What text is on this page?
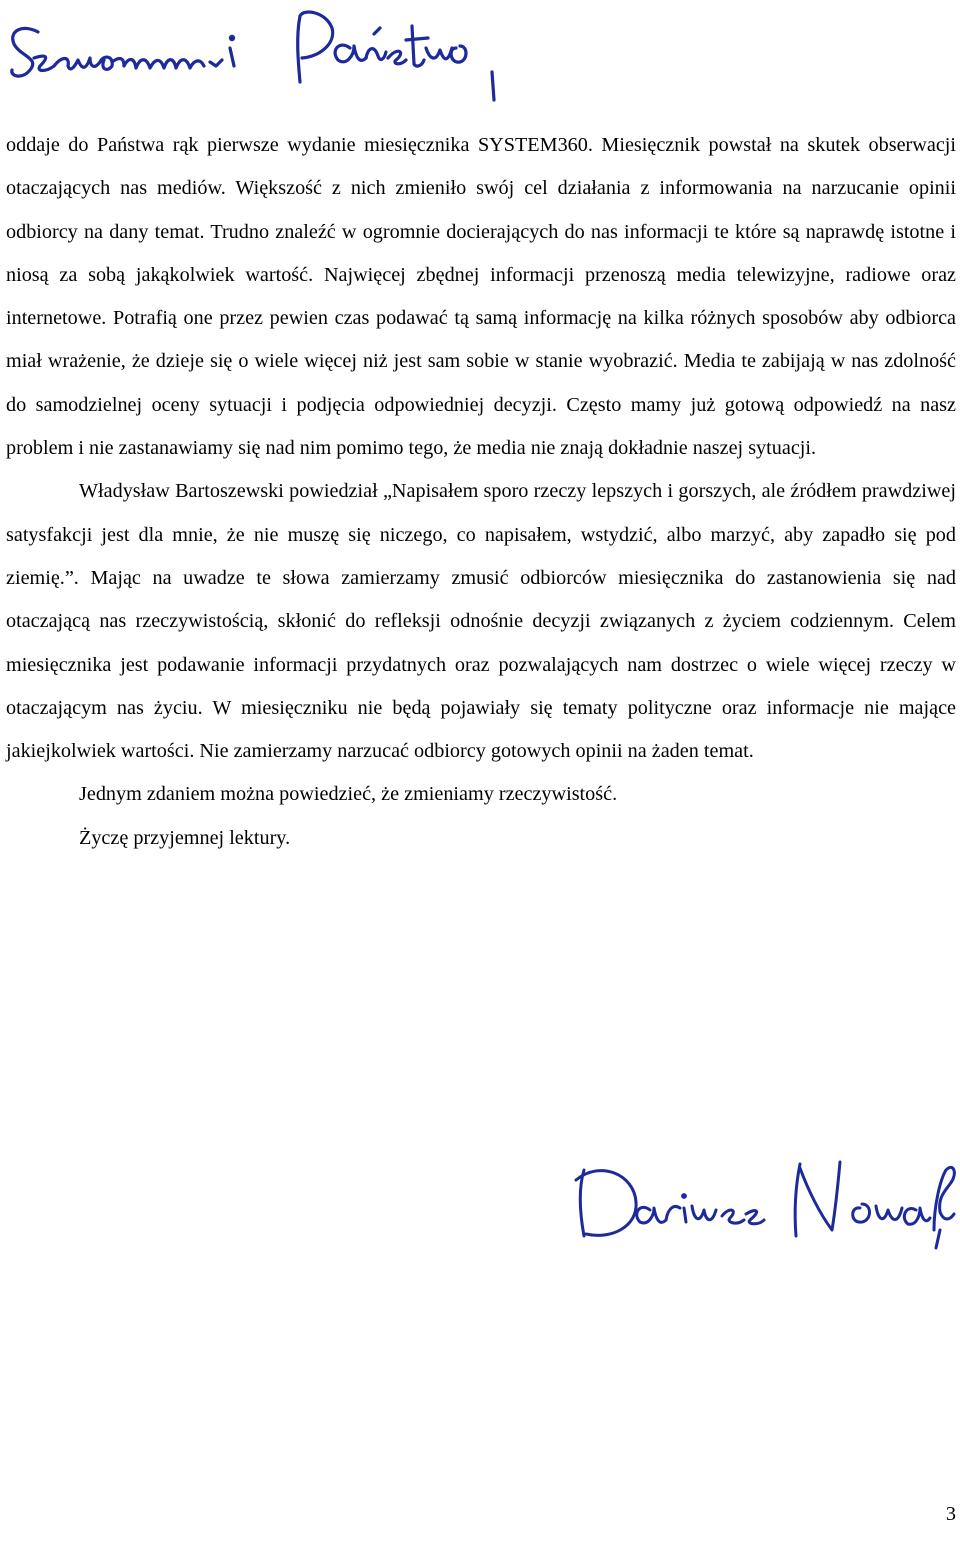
Szanowni Państwo,

oddaje do Państwa rąk pierwsze wydanie miesięcznika SYSTEM360. Miesięcznik powstał na skutek obserwacji otaczających nas mediów. Większość z nich zmieniło swój cel działania z informowania na narzucanie opinii odbiorcy na dany temat. Trudno znaleźć w ogromnie docierających do nas informacji te które są naprawdę istotne i niosą za sobą jakąkolwiek wartość. Najwięcej zbędnej informacji przenoszą media telewizyjne, radiowe oraz internetowe. Potrafią one przez pewien czas podawać tą samą informację na kilka różnych sposobów aby odbiorca miał wrażenie, że dzieje się o wiele więcej niż jest sam sobie w stanie wyobrazić. Media te zabijają w nas zdolność do samodzielnej oceny sytuacji i podjęcia odpowiedniej decyzji. Często mamy już gotową odpowiedź na nasz problem i nie zastanawiamy się nad nim pomimo tego, że media nie znają dokładnie naszej sytuacji.

Władysław Bartoszewski powiedział „Napisałem sporo rzeczy lepszych i gorszych, ale źródłem prawdziwej satysfakcji jest dla mnie, że nie muszę się niczego, co napisałem, wstydzić, albo marzyć, aby zapadło się pod ziemię.”. Mając na uwadze te słowa zamierzamy zmusić odbiorców miesięcznika do zastanowienia się nad otaczającą nas rzeczywistością, skłonić do refleksji odnośnie decyzji związanych z życiem codziennym. Celem miesięcznika jest podawanie informacji przydatnych oraz pozwalających nam dostrzec o wiele więcej rzeczy w otaczającym nas życiu. W miesięczniku nie będą pojawiały się tematy polityczne oraz informacje nie mające jakiejkolwiek wartości. Nie zamierzamy narzucać odbiorcy gotowych opinii na żaden temat.

Jednym zdaniem można powiedzieć, że zmieniamy rzeczywistość.

Życzę przyjemnej lektury.

Dariusz Nowak
3
